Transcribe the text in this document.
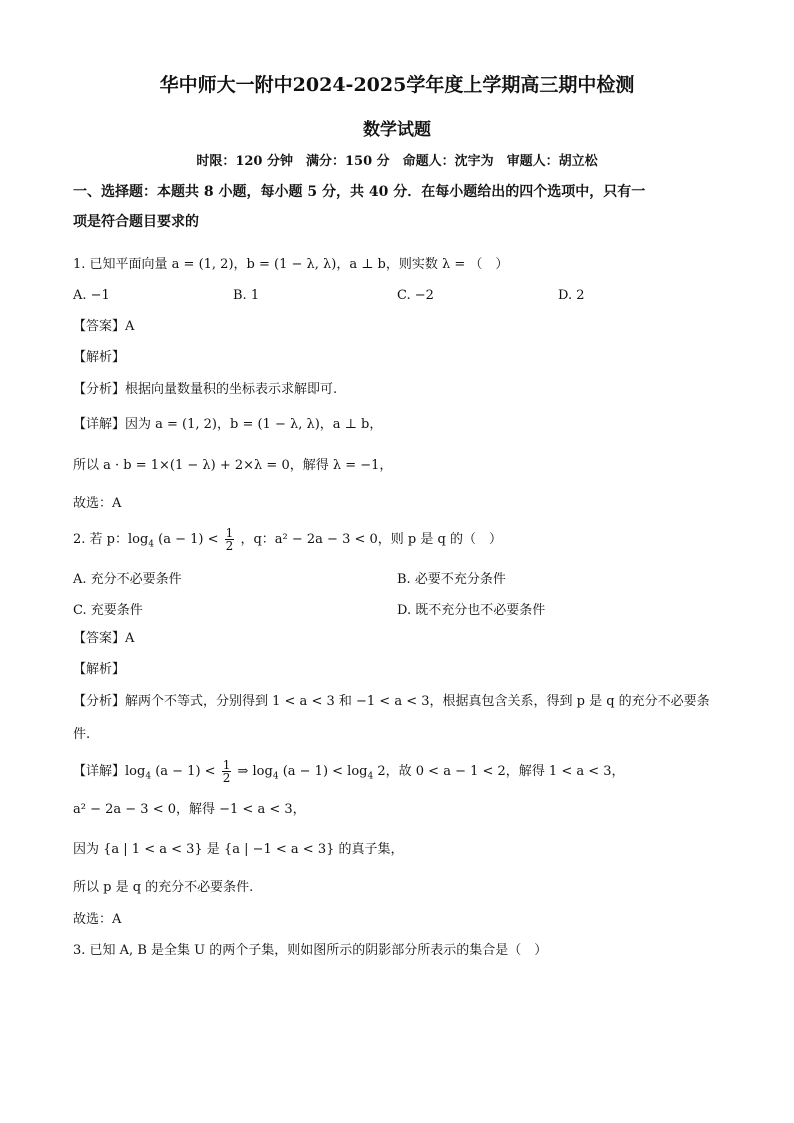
华中师大一附中2024-2025学年度上学期高三期中检测
数学试题
时限：120 分钟　满分：150 分　命题人：沈宇为　审题人：胡立松
一、选择题：本题共 8 小题，每小题 5 分，共 40 分．在每小题给出的四个选项中，只有一
项是符合题目要求的
1. 已知平面向量 a = (1, 2)，b = (1 − λ, λ)，a ⊥ b，则实数 λ = （　）
A. −1	B. 1	C. −2	D. 2
【答案】A
【解析】
【分析】根据向量数量积的坐标表示求解即可.
【详解】因为 a = (1, 2)，b = (1 − λ, λ)，a ⊥ b，
所以 a · b = 1×(1 − λ) + 2×λ = 0，解得 λ = −1，
故选：A
2. 若 p：$\log_4 (a - 1) < \frac{1}{2}$ ，q：a² − 2a − 3 < 0，则 p 是 q 的（　）
A. 充分不必要条件	B. 必要不充分条件
C. 充要条件	D. 既不充分也不必要条件
【答案】A
【解析】
【分析】解两个不等式，分别得到 1 < a < 3 和 −1 < a < 3，根据真包含关系，得到 p 是 q 的充分不必要条
件.
【详解】$\log_4 (a - 1) < \frac{1}{2}$ ⇒ $\log_4 (a - 1) < \log_4 2$，故 0 < a − 1 < 2，解得 1 < a < 3，
a² − 2a − 3 < 0，解得 −1 < a < 3，
因为 {a | 1 < a < 3} 是 {a | −1 < a < 3} 的真子集，
所以 p 是 q 的充分不必要条件.
故选：A
3. 已知 A, B 是全集 U 的两个子集，则如图所示的阴影部分所表示的集合是（　）
